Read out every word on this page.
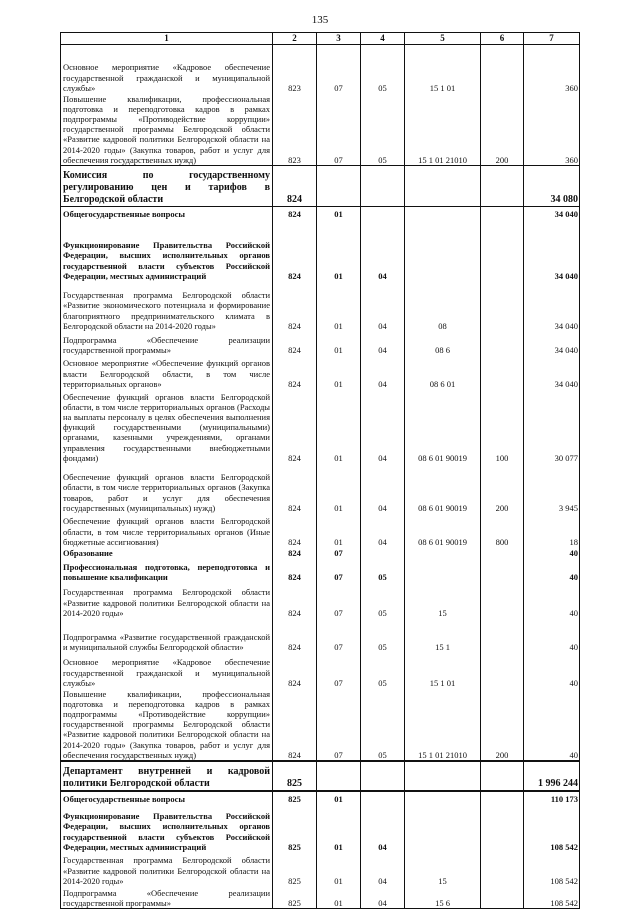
135
1	2	3	4	5	6	7
Основное мероприятие «Кадровое обеспечение государственной гражданской и муниципальной службы»	823	07	05	15 1 01		360
Повышение квалификации, профессиональная подготовка и переподготовка кадров в рамках подпрограммы «Противодействие коррупции» государственной программы Белгородской области «Развитие кадровой политики Белгородской области на 2014-2020 годы» (Закупка товаров, работ и услуг для обеспечения государственных нужд)	823	07	05	15 1 01 21010	200	360
Комиссия по государственному регулированию цен и тарифов в Белгородской области	824					34 080
Общегосударственные вопросы	824	01				34 040
Функционирование Правительства Российской Федерации, высших исполнительных органов государственной власти субъектов Российской Федерации, местных администраций	824	01	04			34 040
Государственная программа Белгородской области «Развитие экономического потенциала и формирование благоприятного предпринимательского климата в Белгородской области на 2014-2020 годы»	824	01	04	08		34 040
Подпрограмма «Обеспечение реализации государственной программы»	824	01	04	08 6		34 040
Основное мероприятие «Обеспечение функций органов власти Белгородской области, в том числе территориальных органов»	824	01	04	08 6 01		34 040
Обеспечение функций органов власти Белгородской области, в том числе территориальных органов (Расходы на выплаты персоналу в целях обеспечения выполнения функций государственными (муниципальными) органами, казенными учреждениями, органами управления государственными внебюджетными фондами)	824	01	04	08 6 01 90019	100	30 077
Обеспечение функций органов власти Белгородской области, в том числе территориальных органов (Закупка товаров, работ и услуг для обеспечения государственных (муниципальных) нужд)	824	01	04	08 6 01 90019	200	3 945
Обеспечение функций органов власти Белгородской области, в том числе территориальных органов (Иные бюджетные ассигнования)	824	01	04	08 6 01 90019	800	18
Образование	824	07				40
Профессиональная подготовка, переподготовка и повышение квалификации	824	07	05			40
Государственная программа Белгородской области «Развитие кадровой политики Белгородской области на 2014-2020 годы»	824	07	05	15		40
Подпрограмма «Развитие государственной гражданской и муниципальной службы Белгородской области»	824	07	05	15 1		40
Основное мероприятие «Кадровое обеспечение государственной гражданской и муниципальной службы»	824	07	05	15 1 01		40
Повышение квалификации, профессиональная подготовка и переподготовка кадров в рамках подпрограммы «Противодействие коррупции» государственной программы Белгородской области «Развитие кадровой политики Белгородской области на 2014-2020 годы» (Закупка товаров, работ и услуг для обеспечения государственных нужд)	824	07	05	15 1 01 21010	200	40
Департамент внутренней и кадровой политики Белгородской области	825					1 996 244
Общегосударственные вопросы	825	01				110 173
Функционирование Правительства Российской Федерации, высших исполнительных органов государственной власти субъектов Российской Федерации, местных администраций	825	01	04			108 542
Государственная программа Белгородской области «Развитие кадровой политики Белгородской области на 2014-2020 годы»	825	01	04	15		108 542
Подпрограмма «Обеспечение реализации государственной программы»	825	01	04	15 6		108 542
